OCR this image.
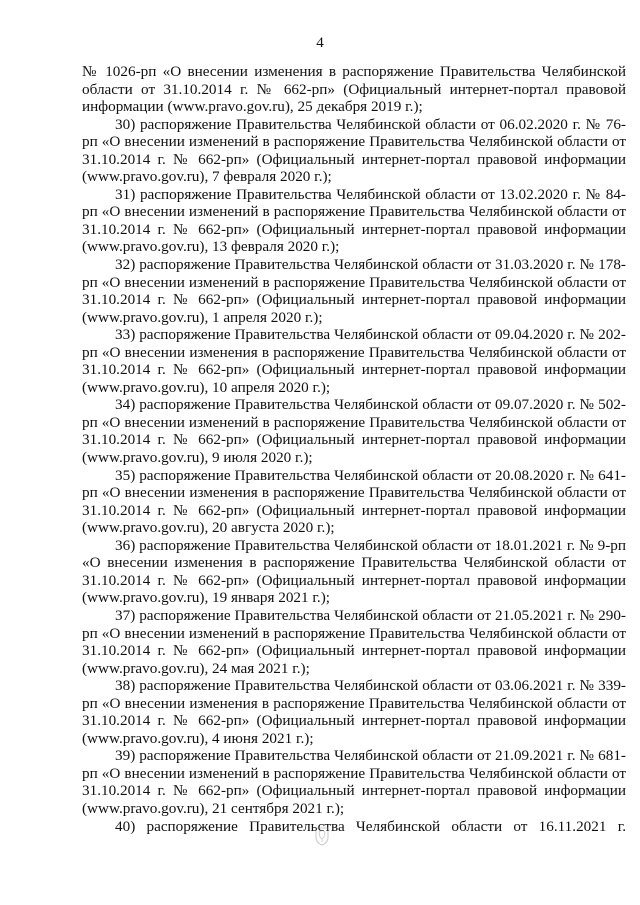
4

№ 1026-рп «О внесении изменения в распоряжение Правительства Челябинской области от 31.10.2014 г. № 662-рп» (Официальный интернет-портал правовой информации (www.pravo.gov.ru), 25 декабря 2019 г.);

30) распоряжение Правительства Челябинской области от 06.02.2020 г. № 76-рп «О внесении изменений в распоряжение Правительства Челябинской области от 31.10.2014 г. № 662-рп» (Официальный интернет-портал правовой информации (www.pravo.gov.ru), 7 февраля 2020 г.);

31) распоряжение Правительства Челябинской области от 13.02.2020 г. № 84-рп «О внесении изменений в распоряжение Правительства Челябинской области от 31.10.2014 г. № 662-рп» (Официальный интернет-портал правовой информации (www.pravo.gov.ru), 13 февраля 2020 г.);

32) распоряжение Правительства Челябинской области от 31.03.2020 г. № 178-рп «О внесении изменений в распоряжение Правительства Челябинской области от 31.10.2014 г. № 662-рп» (Официальный интернет-портал правовой информации (www.pravo.gov.ru), 1 апреля 2020 г.);

33) распоряжение Правительства Челябинской области от 09.04.2020 г. № 202-рп «О внесении изменения в распоряжение Правительства Челябинской области от 31.10.2014 г. № 662-рп» (Официальный интернет-портал правовой информации (www.pravo.gov.ru), 10 апреля 2020 г.);

34) распоряжение Правительства Челябинской области от 09.07.2020 г. № 502-рп «О внесении изменений в распоряжение Правительства Челябинской области от 31.10.2014 г. № 662-рп» (Официальный интернет-портал правовой информации (www.pravo.gov.ru), 9 июля 2020 г.);

35) распоряжение Правительства Челябинской области от 20.08.2020 г. № 641-рп «О внесении изменения в распоряжение Правительства Челябинской области от 31.10.2014 г. № 662-рп» (Официальный интернет-портал правовой информации (www.pravo.gov.ru), 20 августа 2020 г.);

36) распоряжение Правительства Челябинской области от 18.01.2021 г. № 9-рп «О внесении изменения в распоряжение Правительства Челябинской области от 31.10.2014 г. № 662-рп» (Официальный интернет-портал правовой информации (www.pravo.gov.ru), 19 января 2021 г.);

37) распоряжение Правительства Челябинской области от 21.05.2021 г. № 290-рп «О внесении изменений в распоряжение Правительства Челябинской области от 31.10.2014 г. № 662-рп» (Официальный интернет-портал правовой информации (www.pravo.gov.ru), 24 мая 2021 г.);

38) распоряжение Правительства Челябинской области от 03.06.2021 г. № 339-рп «О внесении изменения в распоряжение Правительства Челябинской области от 31.10.2014 г. № 662-рп» (Официальный интернет-портал правовой информации (www.pravo.gov.ru), 4 июня 2021 г.);

39) распоряжение Правительства Челябинской области от 21.09.2021 г. № 681-рп «О внесении изменений в распоряжение Правительства Челябинской области от 31.10.2014 г. № 662-рп» (Официальный интернет-портал правовой информации (www.pravo.gov.ru), 21 сентября 2021 г.);

40) распоряжение Правительства Челябинской области от 16.11.2021 г.
